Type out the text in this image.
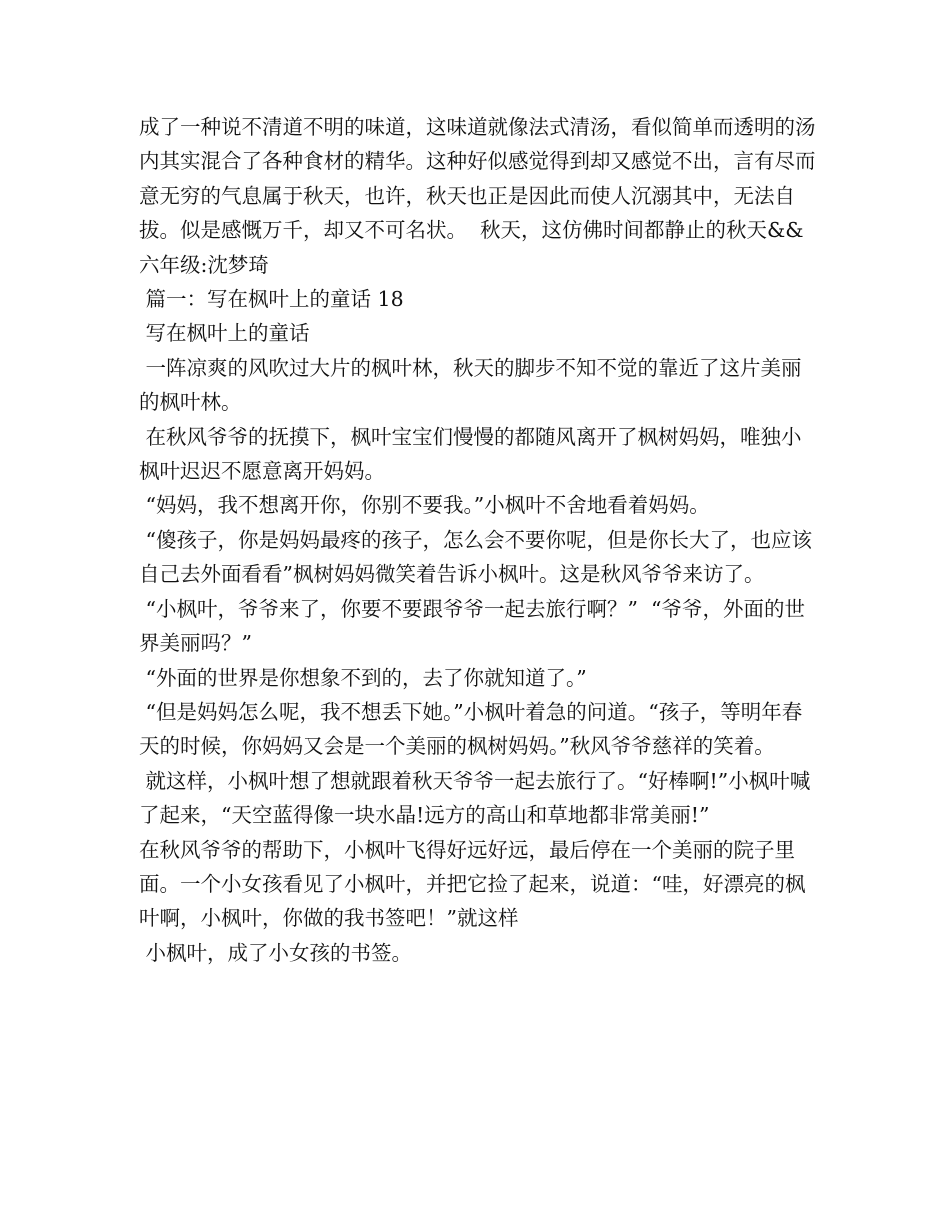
成了一种说不清道不明的味道，这味道就像法式清汤，看似简单而透明的汤内其实混合了各种食材的精华。这种好似感觉得到却又感觉不出，言有尽而意无穷的气息属于秋天，也许，秋天也正是因此而使人沉溺其中，无法自拔。似是感慨万千，却又不可名状。  秋天，这仿佛时间都静止的秋天&&六年级:沈梦琦

篇一：写在枫叶上的童话 18

写在枫叶上的童话

一阵凉爽的风吹过大片的枫叶林，秋天的脚步不知不觉的靠近了这片美丽的枫叶林。

在秋风爷爷的抚摸下，枫叶宝宝们慢慢的都随风离开了枫树妈妈，唯独小枫叶迟迟不愿意离开妈妈。

“妈妈，我不想离开你，你别不要我。”小枫叶不舍地看着妈妈。

“傻孩子，你是妈妈最疼的孩子，怎么会不要你呢，但是你长大了，也应该自己去外面看看”枫树妈妈微笑着告诉小枫叶。这是秋风爷爷来访了。

“小枫叶，爷爷来了，你要不要跟爷爷一起去旅行啊？”  “爷爷，外面的世界美丽吗？”

“外面的世界是你想象不到的，去了你就知道了。”

“但是妈妈怎么呢，我不想丢下她。”小枫叶着急的问道。“孩子，等明年春天的时候，你妈妈又会是一个美丽的枫树妈妈。”秋风爷爷慈祥的笑着。

就这样，小枫叶想了想就跟着秋天爷爷一起去旅行了。“好棒啊!”小枫叶喊了起来，“天空蓝得像一块水晶!远方的高山和草地都非常美丽!”

在秋风爷爷的帮助下，小枫叶飞得好远好远，最后停在一个美丽的院子里面。一个小女孩看见了小枫叶，并把它捡了起来，说道：“哇，好漂亮的枫叶啊，小枫叶，你做的我书签吧！”就这样

小枫叶，成了小女孩的书签。
